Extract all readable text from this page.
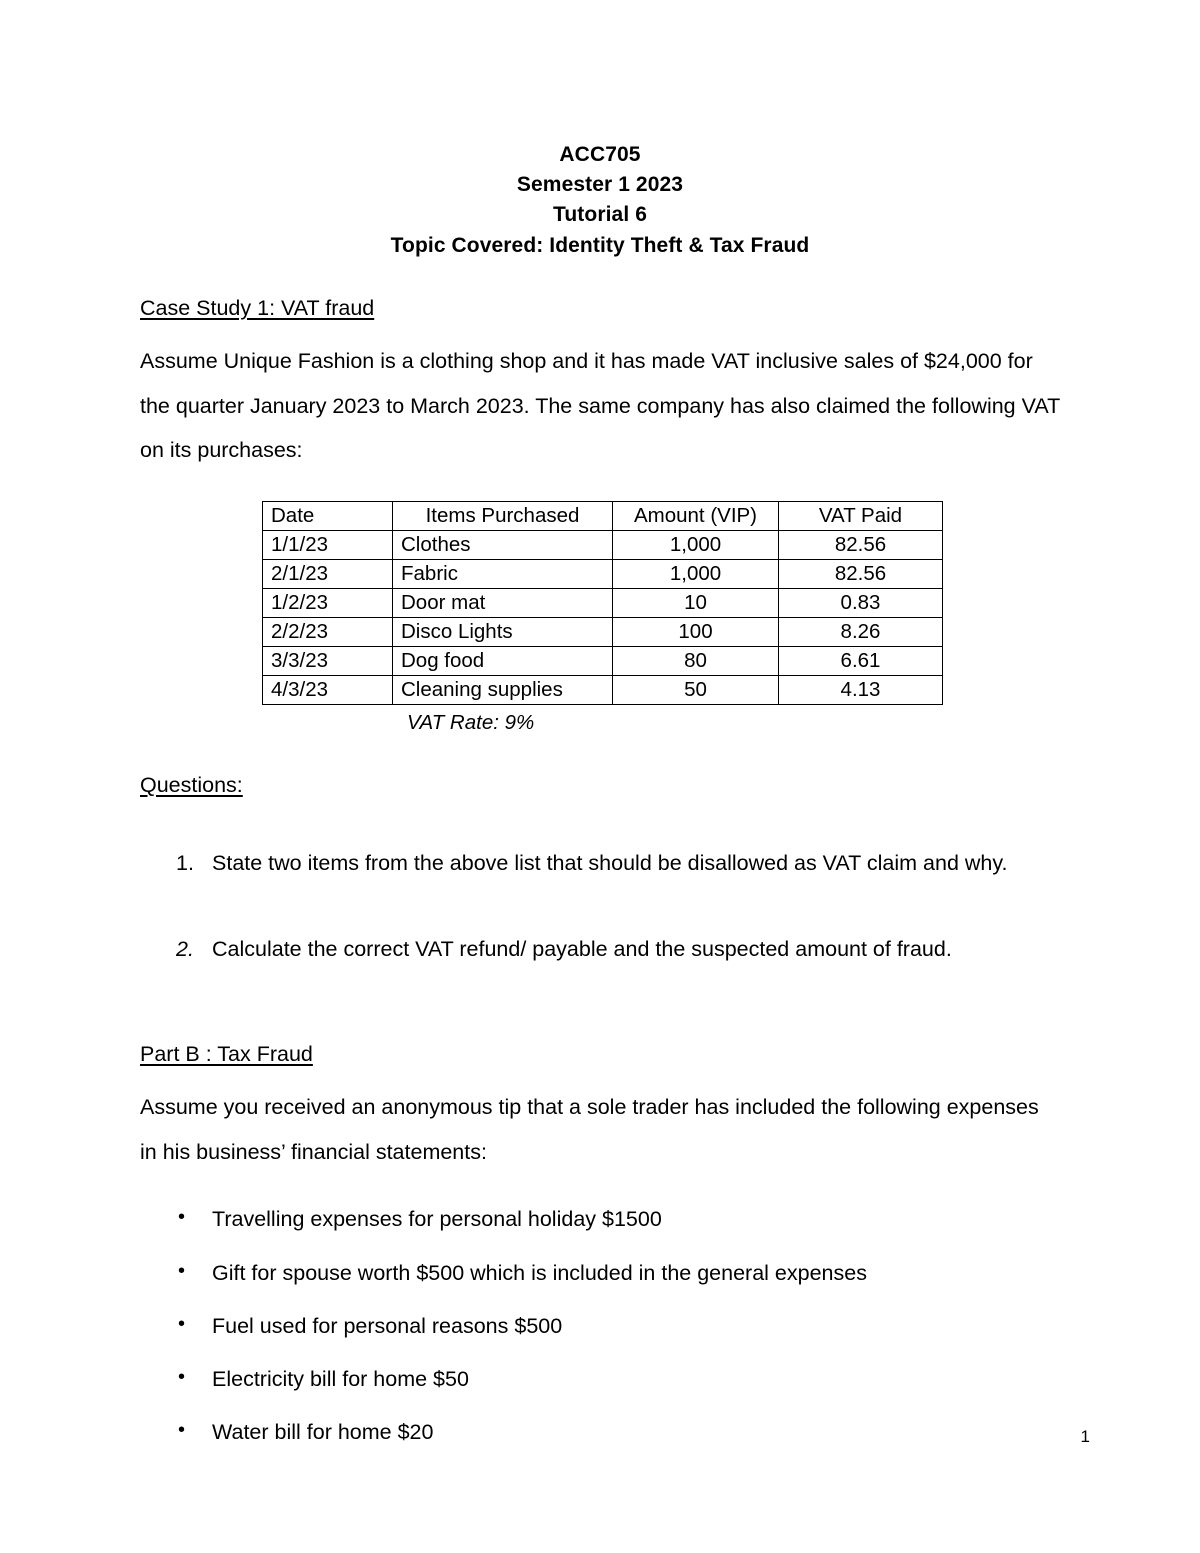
ACC705
Semester 1 2023
Tutorial 6
Topic Covered: Identity Theft & Tax Fraud
Case Study 1: VAT fraud

Assume Unique Fashion is a clothing shop and it has made VAT inclusive sales of $24,000 for the quarter January 2023 to March 2023. The same company has also claimed the following VAT on its purchases:

Date	Items Purchased	Amount (VIP)	VAT Paid
1/1/23	Clothes	1,000	82.56
2/1/23	Fabric	1,000	82.56
1/2/23	Door mat	10	0.83
2/2/23	Disco Lights	100	8.26
3/3/23	Dog food	80	6.61
4/3/23	Cleaning supplies	50	4.13
VAT Rate: 9%
Questions:
1. State two items from the above list that should be disallowed as VAT claim and why.
2. Calculate the correct VAT refund/ payable and the suspected amount of fraud.
Part B : Tax Fraud

Assume you received an anonymous tip that a sole trader has included the following expenses in his business’ financial statements:

• Travelling expenses for personal holiday $1500
• Gift for spouse worth $500 which is included in the general expenses
• Fuel used for personal reasons $500
• Electricity bill for home $50
• Water bill for home $20	1
